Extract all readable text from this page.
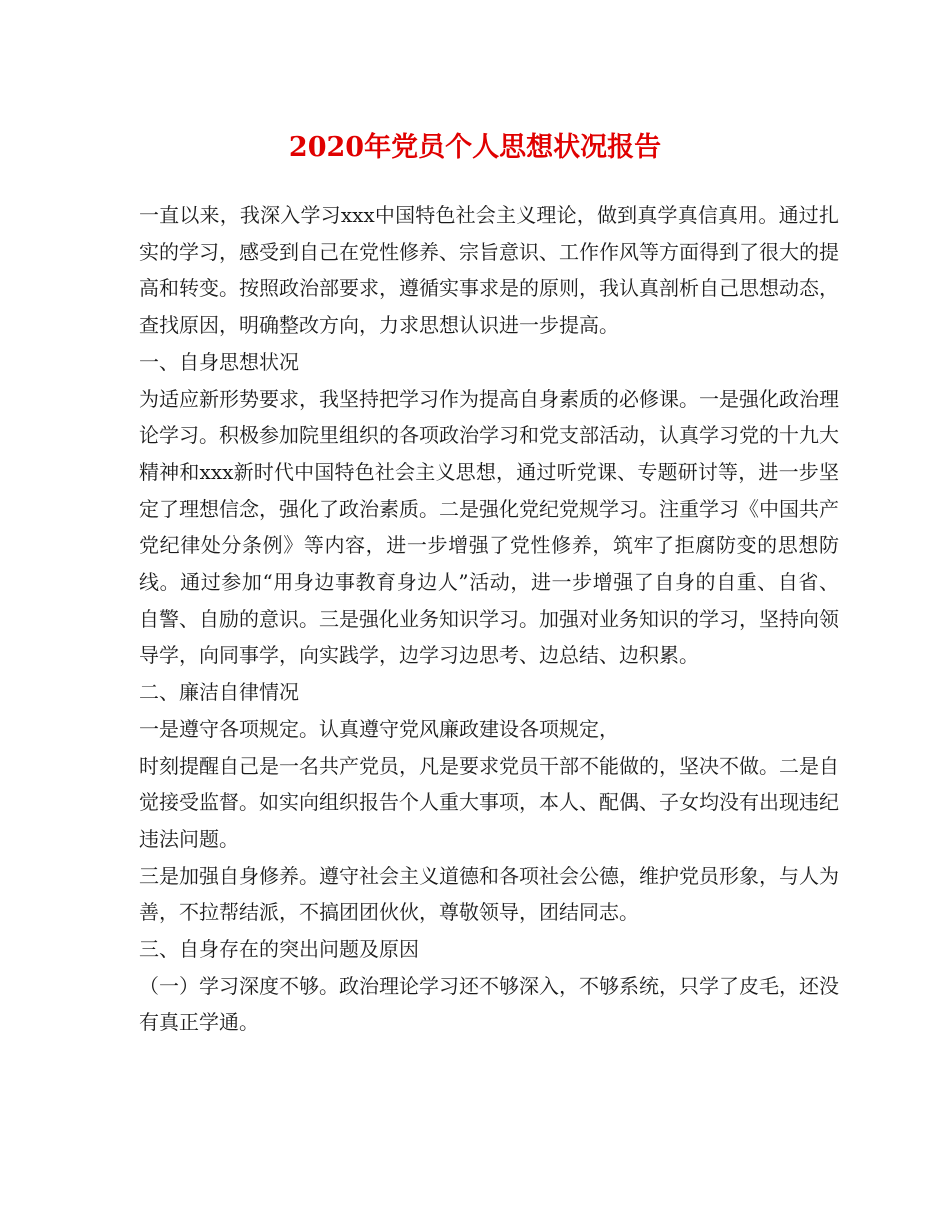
2020年党员个人思想状况报告

一直以来，我深入学习xxx中国特色社会主义理论，做到真学真信真用。通过扎实的学习，感受到自己在党性修养、宗旨意识、工作作风等方面得到了很大的提高和转变。按照政治部要求，遵循实事求是的原则，我认真剖析自己思想动态，查找原因，明确整改方向，力求思想认识进一步提高。

一、自身思想状况

为适应新形势要求，我坚持把学习作为提高自身素质的必修课。一是强化政治理论学习。积极参加院里组织的各项政治学习和党支部活动，认真学习党的十九大精神和xxx新时代中国特色社会主义思想，通过听党课、专题研讨等，进一步坚定了理想信念，强化了政治素质。二是强化党纪党规学习。注重学习《中国共产党纪律处分条例》等内容，进一步增强了党性修养，筑牢了拒腐防变的思想防线。通过参加“用身边事教育身边人”活动，进一步增强了自身的自重、自省、自警、自励的意识。三是强化业务知识学习。加强对业务知识的学习，坚持向领导学，向同事学，向实践学，边学习边思考、边总结、边积累。

二、廉洁自律情况

一是遵守各项规定。认真遵守党风廉政建设各项规定，

时刻提醒自己是一名共产党员，凡是要求党员干部不能做的，坚决不做。二是自觉接受监督。如实向组织报告个人重大事项，本人、配偶、子女均没有出现违纪违法问题。

三是加强自身修养。遵守社会主义道德和各项社会公德，维护党员形象，与人为善，不拉帮结派，不搞团团伙伙，尊敬领导，团结同志。

三、自身存在的突出问题及原因

（一）学习深度不够。政治理论学习还不够深入，不够系统，只学了皮毛，还没有真正学通。
